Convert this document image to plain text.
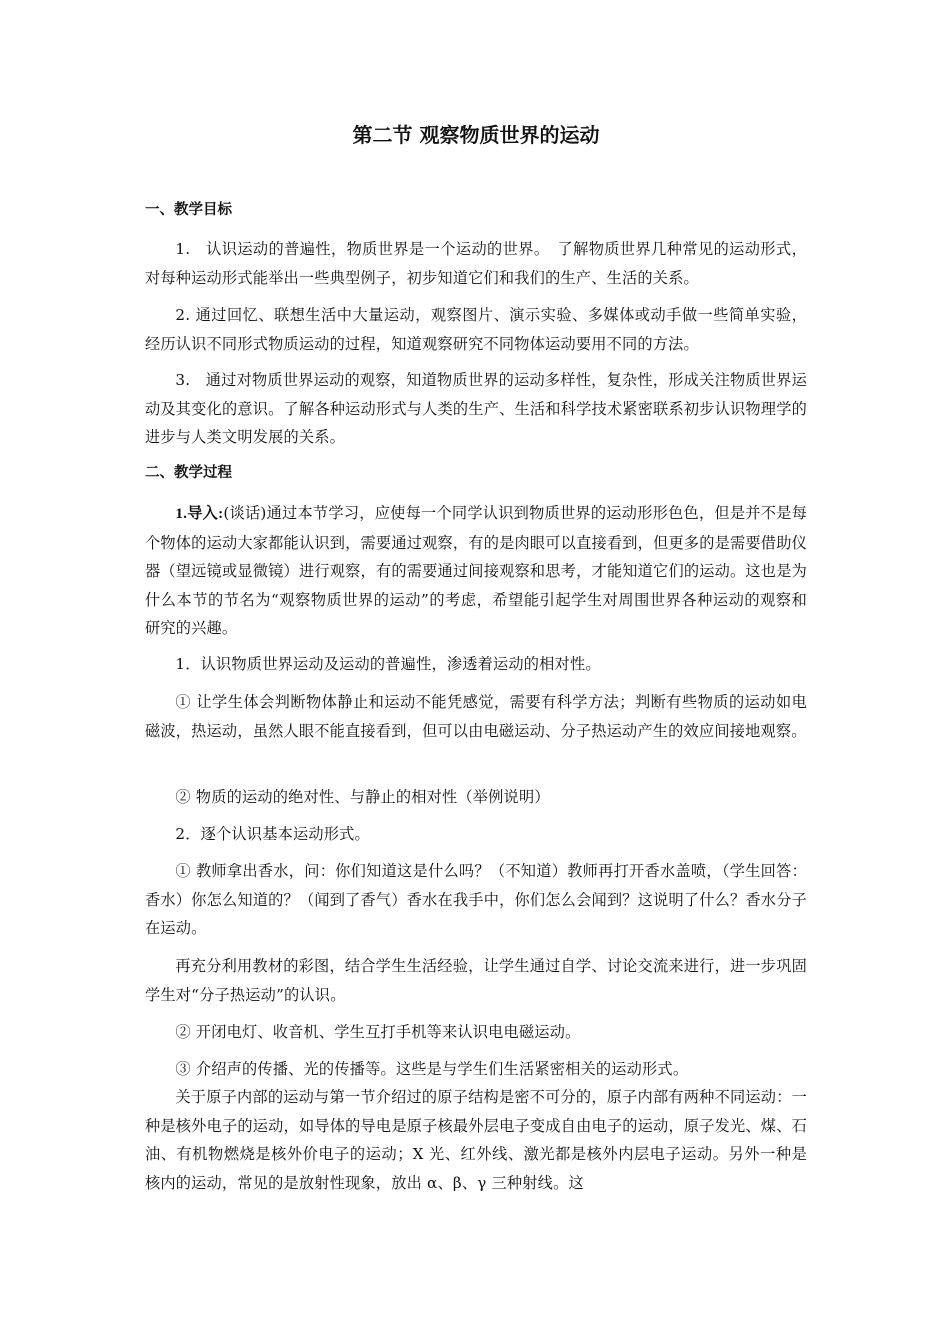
第二节 观察物质世界的运动
一、教学目标

1.　认识运动的普遍性，物质世界是一个运动的世界。　了解物质世界几种常见的运动形式，对每种运动形式能举出一些典型例子，初步知道它们和我们的生产、生活的关系。

2. 通过回忆、联想生活中大量运动，观察图片、演示实验、多媒体或动手做一些简单实验，经历认识不同形式物质运动的过程，知道观察研究不同物体运动要用不同的方法。

3.　通过对物质世界运动的观察，知道物质世界的运动多样性，复杂性，形成关注物质世界运动及其变化的意识。了解各种运动形式与人类的生产、生活和科学技术紧密联系初步认识物理学的进步与人类文明发展的关系。

二、教学过程

1.导入:(谈话)通过本节学习，应使每一个同学认识到物质世界的运动形形色色，但是并不是每个物体的运动大家都能认识到，需要通过观察，有的是肉眼可以直接看到，但更多的是需要借助仪器（望远镜或显微镜）进行观察，有的需要通过间接观察和思考，才能知道它们的运动。这也是为什么本节的节名为“观察物质世界的运动”的考虑，希望能引起学生对周围世界各种运动的观察和研究的兴趣。

1．认识物质世界运动及运动的普遍性，渗透着运动的相对性。

① 让学生体会判断物体静止和运动不能凭感觉，需要有科学方法；判断有些物质的运动如电磁波，热运动，虽然人眼不能直接看到，但可以由电磁运动、分子热运动产生的效应间接地观察。

② 物质的运动的绝对性、与静止的相对性（举例说明）

2．逐个认识基本运动形式。

① 教师拿出香水，问：你们知道这是什么吗？（不知道）教师再打开香水盖喷，（学生回答：香水）你怎么知道的？（闻到了香气）香水在我手中，你们怎么会闻到？这说明了什么？香水分子在运动。

再充分利用教材的彩图，结合学生生活经验，让学生通过自学、讨论交流来进行，进一步巩固学生对“分子热运动”的认识。

② 开闭电灯、收音机、学生互打手机等来认识电电磁运动。

③ 介绍声的传播、光的传播等。这些是与学生们生活紧密相关的运动形式。

关于原子内部的运动与第一节介绍过的原子结构是密不可分的，原子内部有两种不同运动：一种是核外电子的运动，如导体的导电是原子核最外层电子变成自由电子的运动，原子发光、煤、石油、有机物燃烧是核外价电子的运动；X 光、红外线、激光都是核外内层电子运动。另外一种是核内的运动，常见的是放射性现象，放出 α、β、γ 三种射线。这
